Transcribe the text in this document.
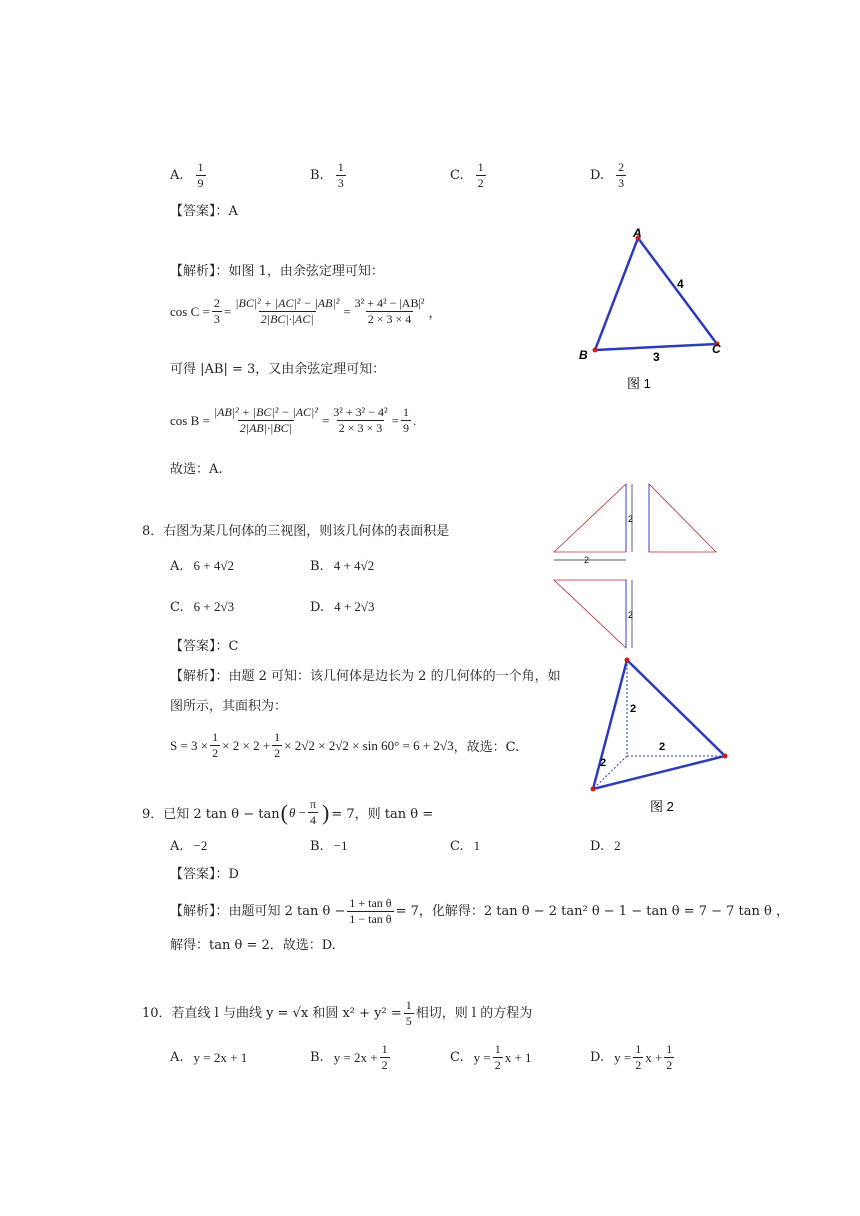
A. $\frac{1}{9}$	B. $\frac{1}{3}$	C. $\frac{1}{2}$	D. $\frac{2}{3}$
【答案】：A
【解析】：如图 1，由余弦定理可知：
$\cos C = \frac{2}{3} = \frac{\text{|BC|² + |AC|² − |AB|²}}{2|BC|\cdot|AC|} = \frac{\text{3² + 4² − |AB|²}}{2 \times 3 \times 4}$ ，
可得 |AB| = 3，又由余弦定理可知：
$\cos B = \frac{\text{|AB|² + |BC|² − |AC|²}}{2|AB|\cdot|BC|} = \frac{\text{3² + 3² − 4²}}{2 \times 3 \times 3} = \frac{1}{9}$ .
故选：A.
A
B	C
4
3
图 1
8．右图为某几何体的三视图，则该几何体的表面积是
A. 6 + 4√2	B. 4 + 4√2
C. 6 + 2√3	D. 4 + 2√3
【答案】：C
【解析】：由题 2 可知：该几何体是边长为 2 的几何体的一个角，如
图所示，其面积为：
$S = 3 \times \frac{1}{2} \times 2 \times 2 + \frac{1}{2} \times 2√2 \times 2√2 \times \sin 60^\circ = 6 + 2√3$ ，故选：C.
2
2
2
2
2
2
图 2
9．已知 2 tan θ − tan ( $\theta - \frac{\pi}{4}$ ) = 7，则 tan θ =
A. −2	B. −1	C. 1	D. 2
【答案】：D
【解析】：由题可知 2 $\tan \theta - \frac{\text{1 + tan θ}}{\text{1 − tan θ}} = 7$，化解得：2 tan θ − 2 tan² θ − 1 − tan θ = 7 − 7 tan θ ，
解得：tan θ = 2．故选：D.
10．若直线 l 与曲线 y = √x 和圆 $x^2 + y^2 = \frac{1}{5}$ 相切，则 l 的方程为
A. y = 2x + 1	B. $y = 2x + \frac{1}{2}$	C. $y = \frac{1}{2}$ x + 1	D. $y = \frac{1}{2}$ $x + \frac{1}{2}$
